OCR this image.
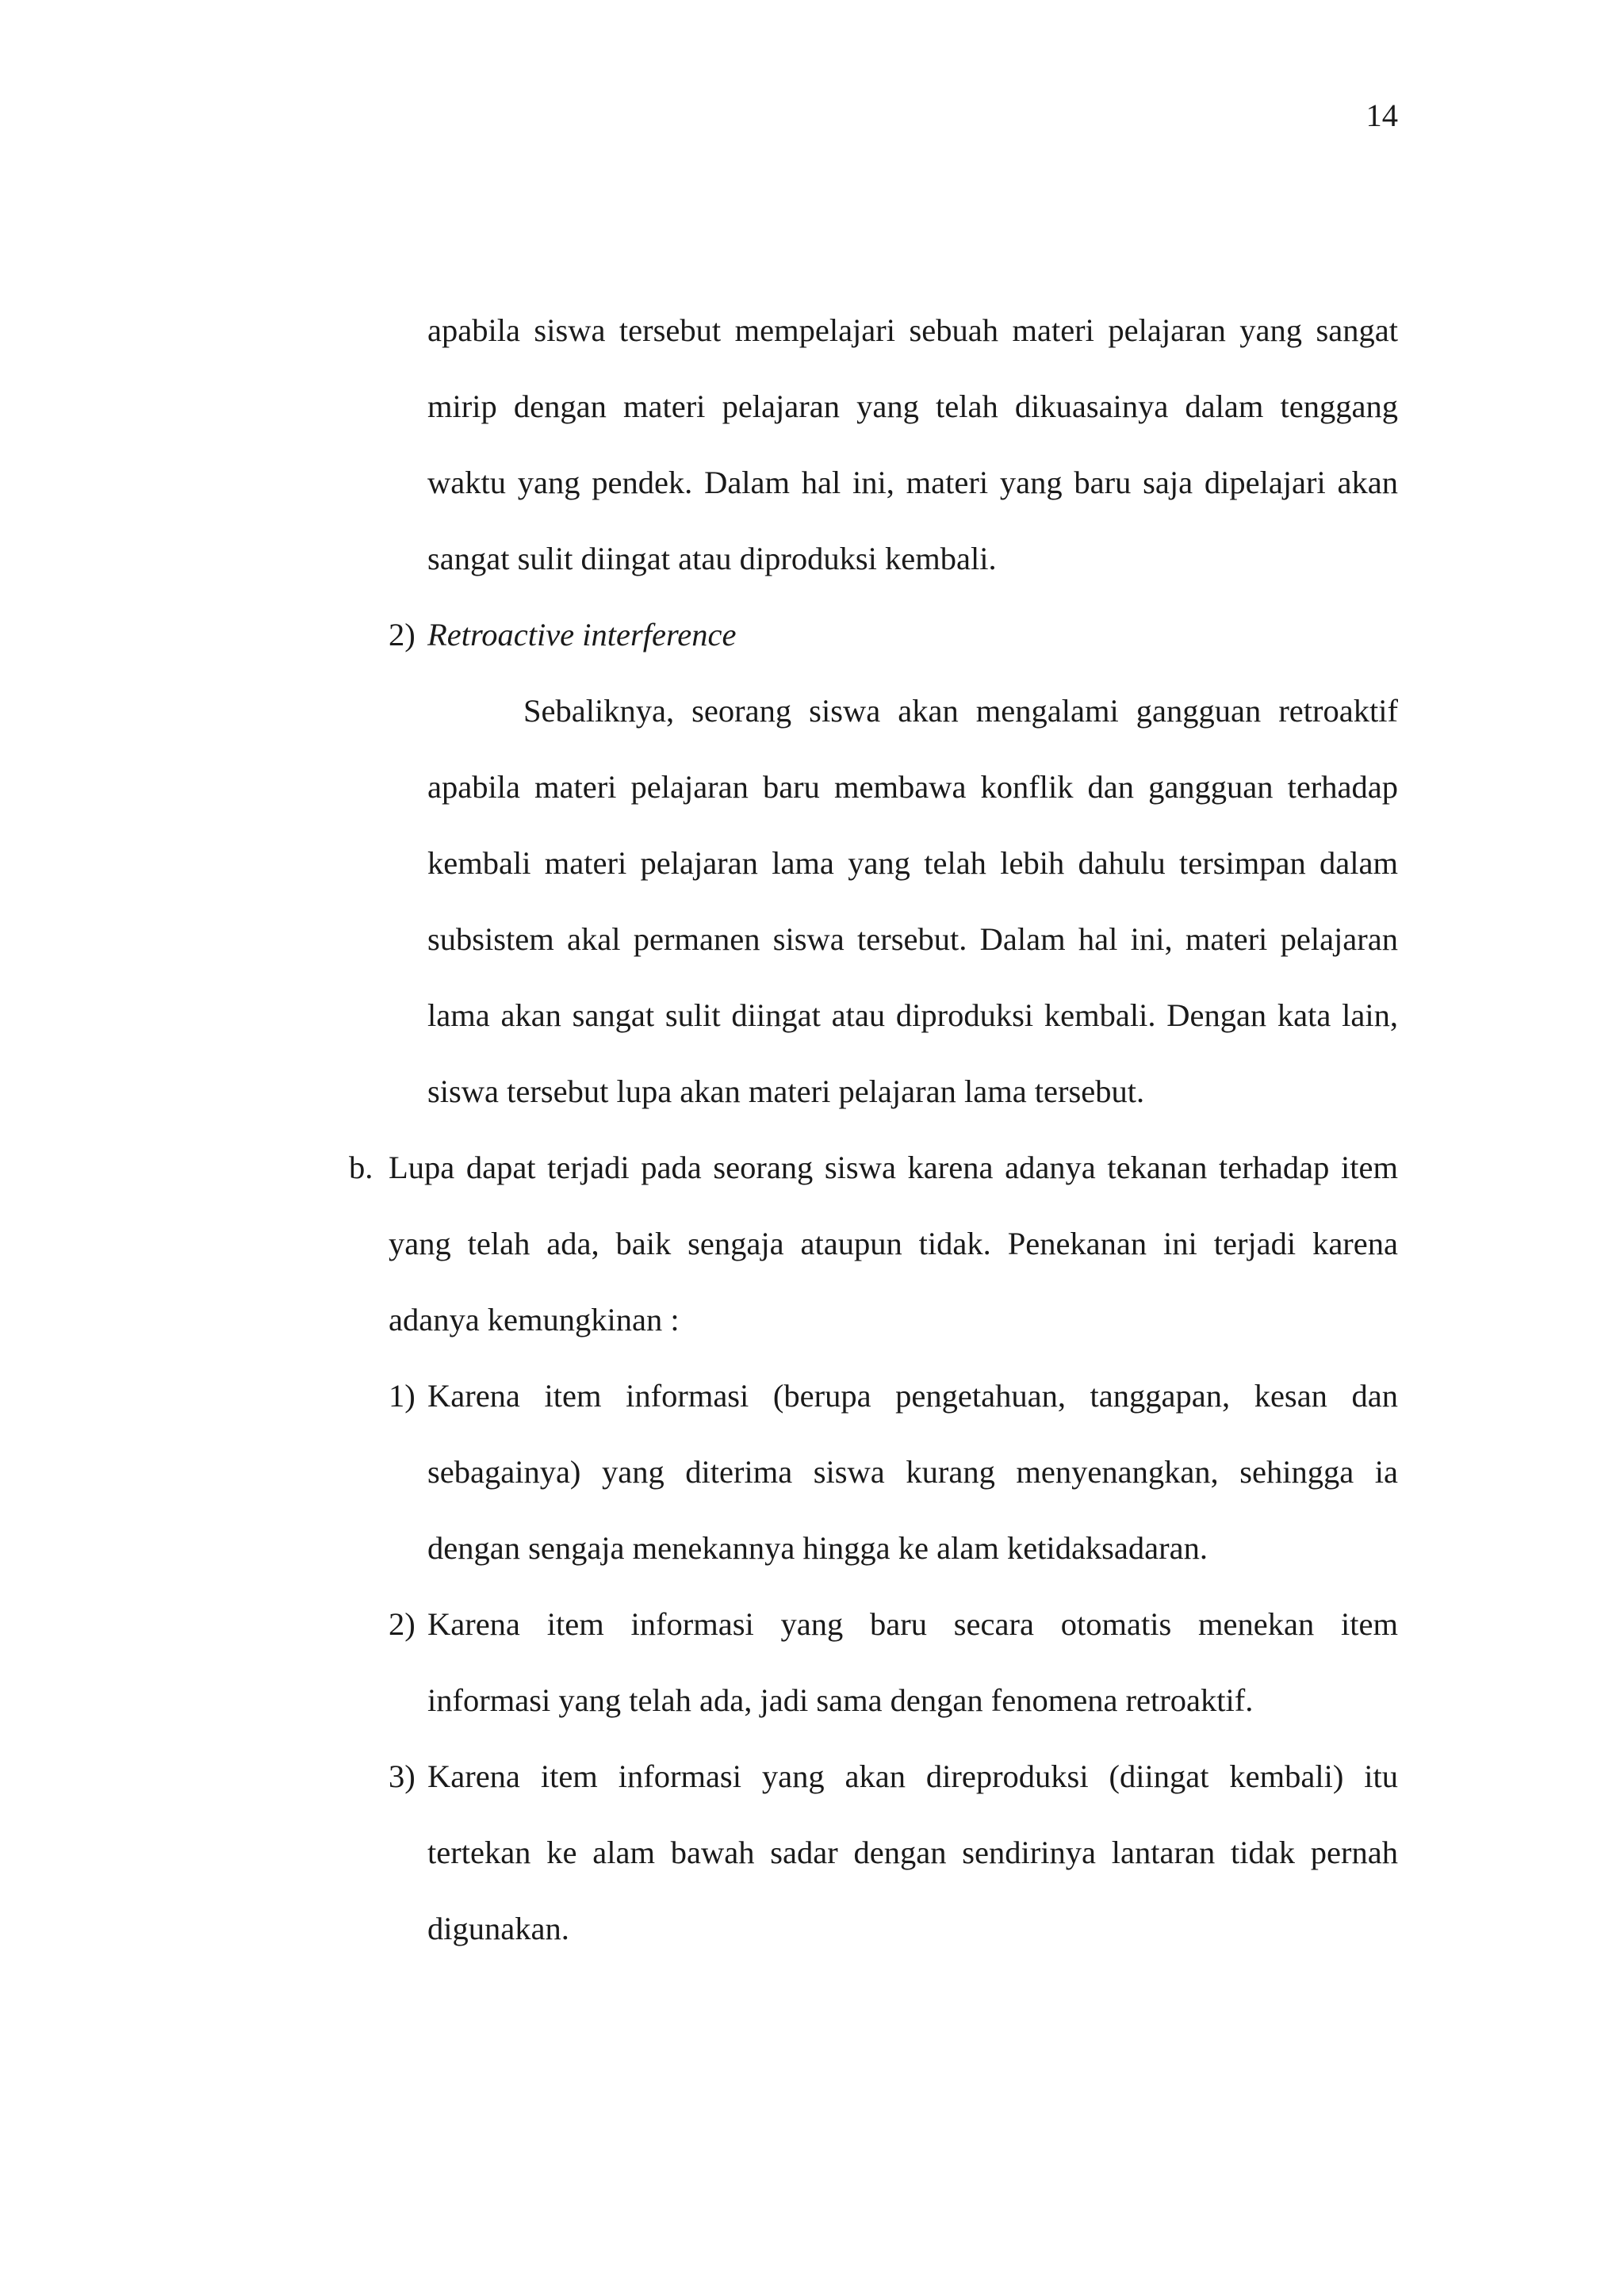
14

apabila siswa tersebut mempelajari sebuah materi pelajaran yang sangat

mirip dengan materi pelajaran yang telah dikuasainya dalam tenggang

waktu yang pendek. Dalam hal ini, materi yang baru saja dipelajari akan

sangat sulit diingat atau diproduksi kembali.

2) Retroactive interference

Sebaliknya, seorang siswa akan mengalami gangguan retroaktif

apabila materi pelajaran baru membawa konflik dan gangguan terhadap

kembali materi pelajaran lama yang telah lebih dahulu tersimpan dalam

subsistem akal permanen siswa tersebut. Dalam hal ini, materi pelajaran

lama akan sangat sulit diingat atau diproduksi kembali. Dengan kata lain,

siswa tersebut lupa akan materi pelajaran lama tersebut.

b. Lupa dapat terjadi pada seorang siswa karena adanya tekanan terhadap item

yang telah ada, baik sengaja ataupun tidak. Penekanan ini terjadi karena

adanya kemungkinan :

1) Karena item informasi (berupa pengetahuan, tanggapan, kesan dan

sebagainya) yang diterima siswa kurang menyenangkan, sehingga ia

dengan sengaja menekannya hingga ke alam ketidaksadaran.

2) Karena item informasi yang baru secara otomatis menekan item

informasi yang telah ada, jadi sama dengan fenomena retroaktif.

3) Karena item informasi yang akan direproduksi (diingat kembali) itu

tertekan ke alam bawah sadar dengan sendirinya lantaran tidak pernah

digunakan.
